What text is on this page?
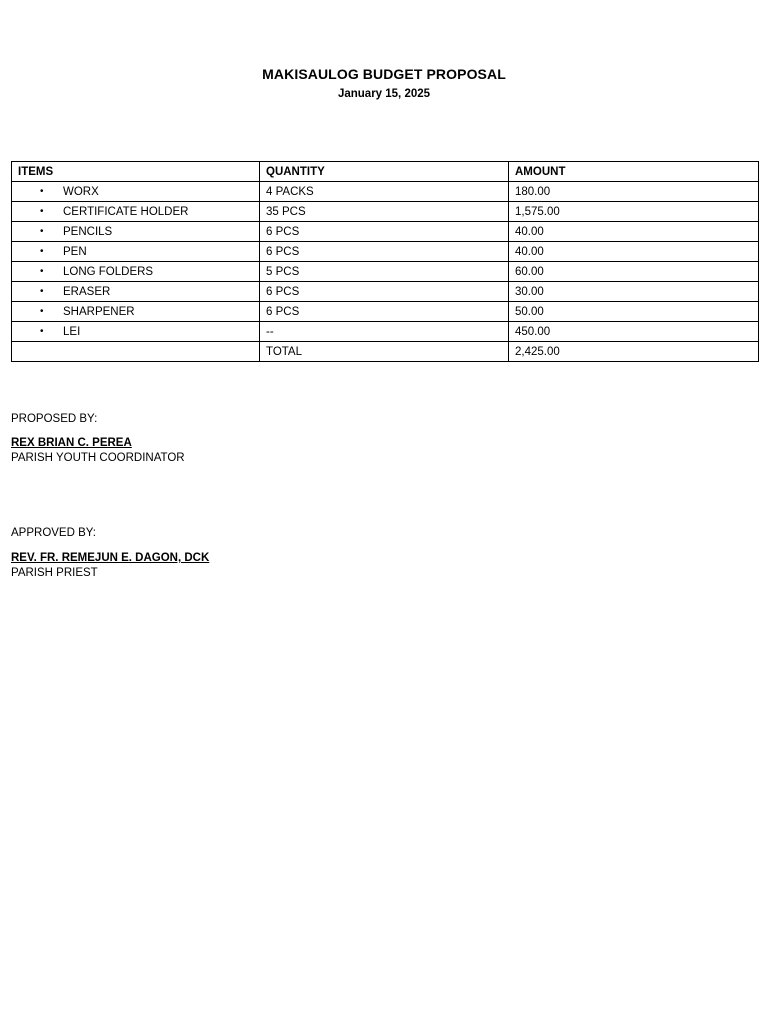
MAKISAULOG BUDGET PROPOSAL
January 15, 2025
ITEMS	QUANTITY	AMOUNT

• WORX	4 PACKS	180.00

• CERTIFICATE HOLDER	35 PCS	1,575.00

• PENCILS	6 PCS	40.00

• PEN	6 PCS	40.00

• LONG FOLDERS	5 PCS	60.00

• ERASER	6 PCS	30.00

• SHARPENER	6 PCS	50.00

• LEI	--	450.00
	TOTAL	2,425.00

PROPOSED BY:

REX BRIAN C. PEREA

PARISH YOUTH COORDINATOR

APPROVED BY:

REV. FR. REMEJUN E. DAGON, DCK

PARISH PRIEST
